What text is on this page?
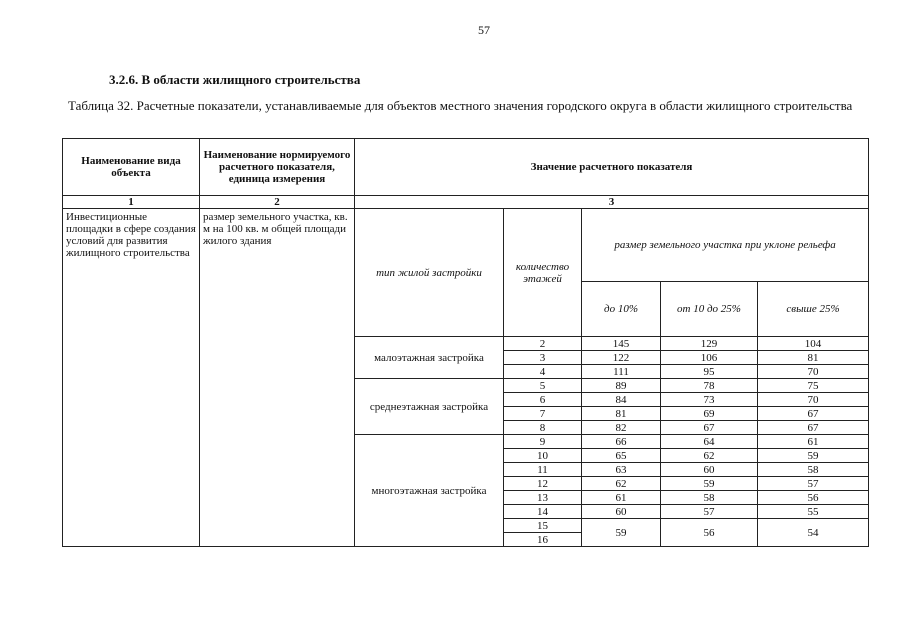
57
3.2.6. В области жилищного строительства
Таблица 32. Расчетные показатели, устанавливаемые для объектов местного значения городского округа в области жилищного строительства
Наименование вида объекта	Наименование нормируемого расчетного показателя, единица измерения	Значение расчетного показателя				
1	2	3				
Инвестиционные площадки в сфере создания условий для развития жилищного строительства	размер земельного участка, кв. м на 100 кв. м общей площади жилого здания	тип жилой застройки	количество этажей	размер земельного участка при уклоне рельефа		
				до 10%	от 10 до 25%	свыше 25%
		малоэтажная застройка	2	145	129	104
			3	122	106	81
			4	111	95	70
		среднеэтажная застройка	5	89	78	75
			6	84	73	70
			7	81	69	67
			8	82	67	67
		многоэтажная застройка	9	66	64	61
			10	65	62	59
			11	63	60	58
			12	62	59	57
			13	61	58	56
			14	60	57	55
			15	59	56	54
			16			
